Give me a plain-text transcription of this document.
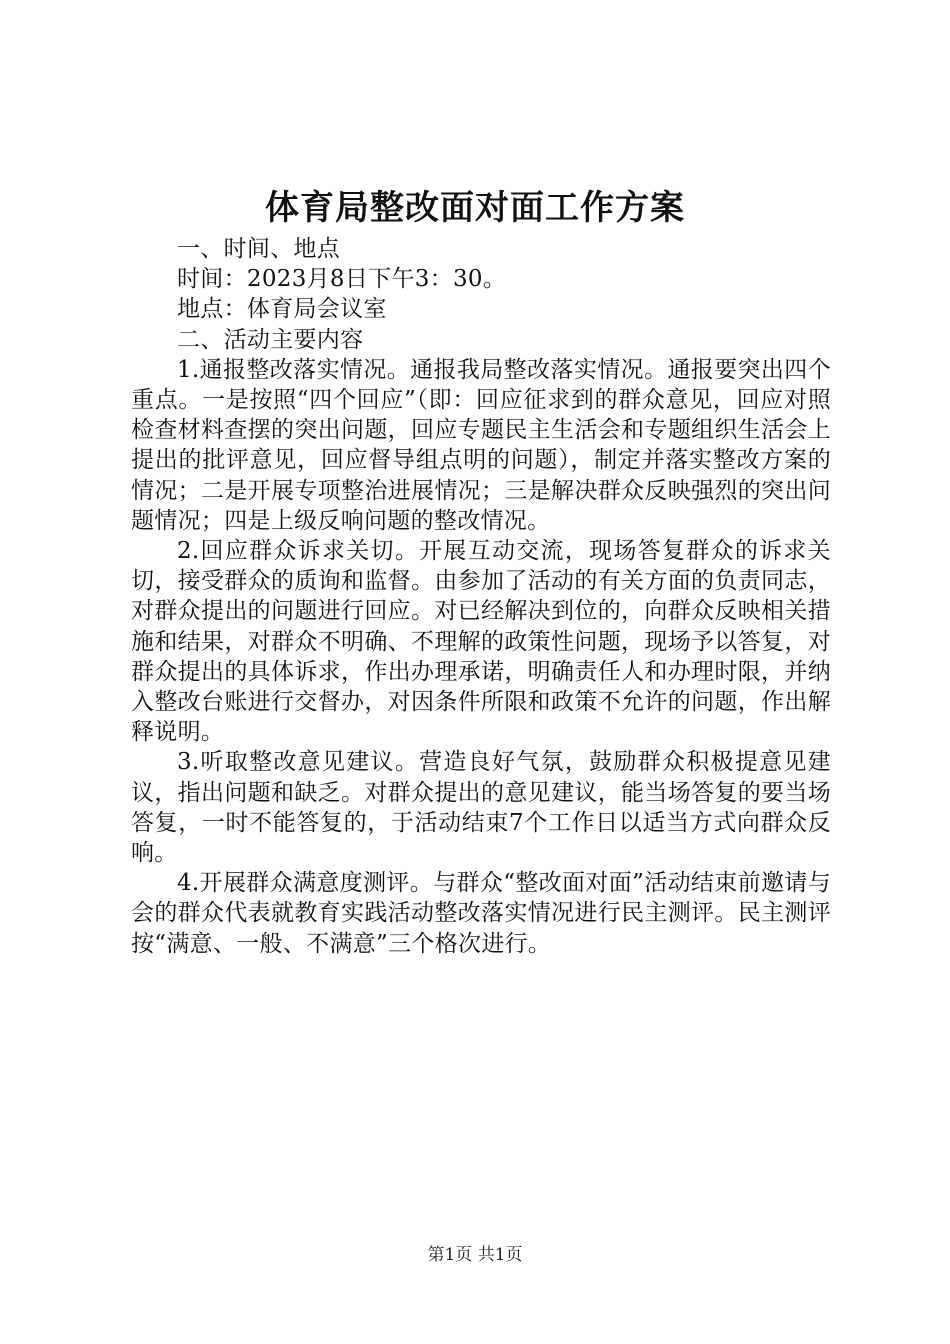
体育局整改面对面工作方案

一、时间、地点

时间：2023月8日下午3：30。

地点：体育局会议室

二、活动主要内容

1.通报整改落实情况。通报我局整改落实情况。通报要突出四个重点。一是按照“四个回应”（即：回应征求到的群众意见，回应对照检查材料查摆的突出问题，回应专题民主生活会和专题组织生活会上提出的批评意见，回应督导组点明的问题），制定并落实整改方案的情况；二是开展专项整治进展情况；三是解决群众反映强烈的突出问题情况；四是上级反响问题的整改情况。

2.回应群众诉求关切。开展互动交流，现场答复群众的诉求关切，接受群众的质询和监督。由参加了活动的有关方面的负责同志，对群众提出的问题进行回应。对已经解决到位的，向群众反映相关措施和结果，对群众不明确、不理解的政策性问题，现场予以答复，对群众提出的具体诉求，作出办理承诺，明确责任人和办理时限，并纳入整改台账进行交督办，对因条件所限和政策不允许的问题，作出解释说明。

3.听取整改意见建议。营造良好气氛，鼓励群众积极提意见建议，指出问题和缺乏。对群众提出的意见建议，能当场答复的要当场答复，一时不能答复的，于活动结束7个工作日以适当方式向群众反响。

4.开展群众满意度测评。与群众“整改面对面”活动结束前邀请与会的群众代表就教育实践活动整改落实情况进行民主测评。民主测评按“满意、一般、不满意”三个格次进行。

第1页 共1页
